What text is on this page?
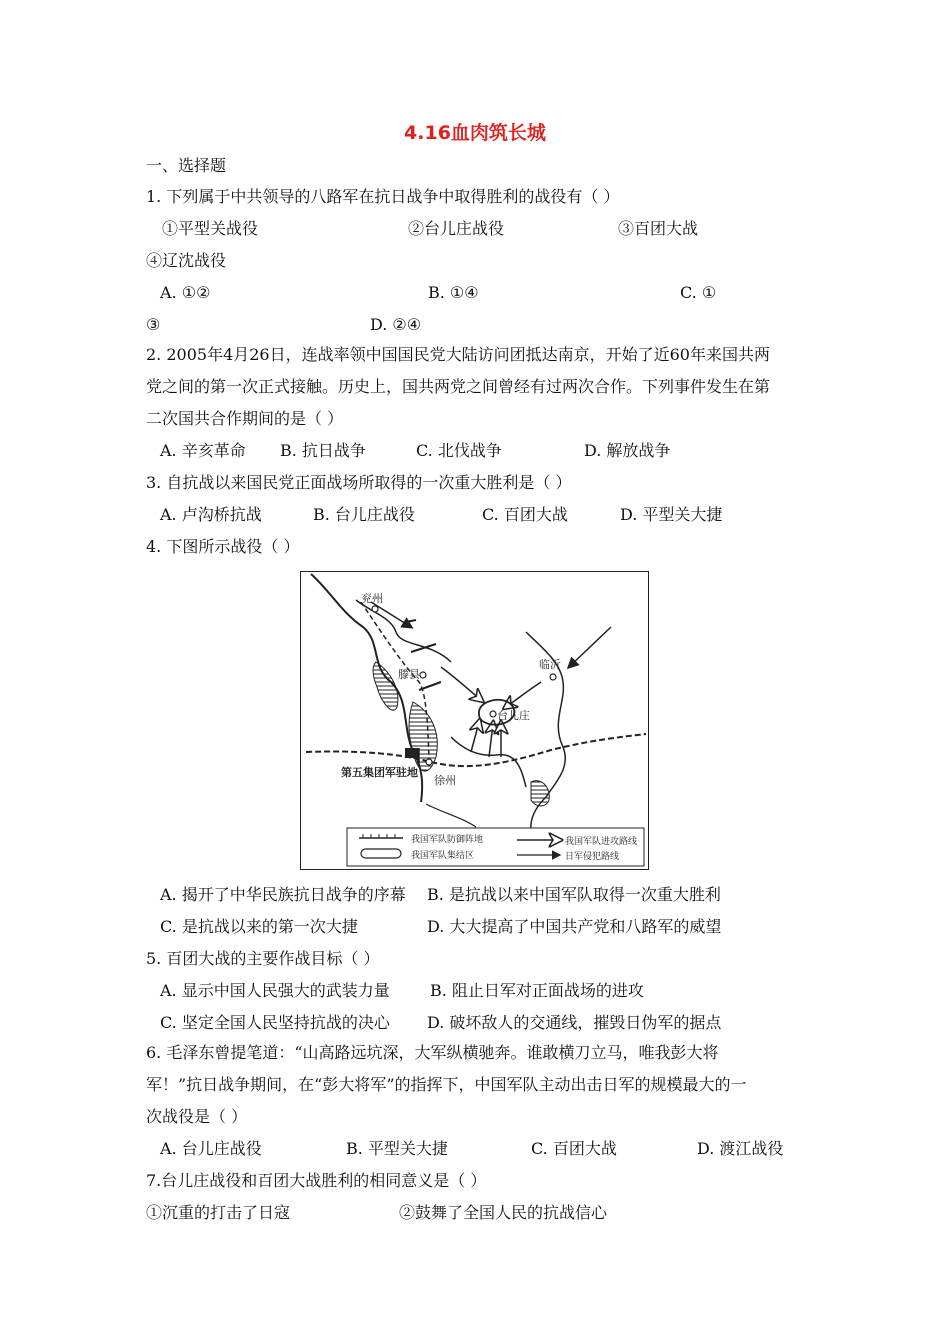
4.16血肉筑长城
一、选择题
1. 下列属于中共领导的八路军在抗日战争中取得胜利的战役有（ ）
①平型关战役	②台儿庄战役	③百团大战
④辽沈战役
A. ①②	B. ①④	C. ①
③	D. ②④
2. 2005年4月26日，连战率领中国国民党大陆访问团抵达南京，开始了近60年来国共两
党之间的第一次正式接触。历史上，国共两党之间曾经有过两次合作。下列事件发生在第
二次国共合作期间的是（ ）
A. 辛亥革命 B. 抗日战争	C. 北伐战争	D. 解放战争
3. 自抗战以来国民党正面战场所取得的一次重大胜利是（ ）
A. 卢沟桥抗战	B. 台儿庄战役	C. 百团大战	D. 平型关大捷
4. 下图所示战役（ ）
兖州
滕县
临沂
台儿庄
徐州
第五集团军驻地
我国军队防御阵地
我国军队集结区
我国军队进攻路线
日军侵犯路线
A. 揭开了中华民族抗日战争的序幕 B. 是抗战以来中国军队取得一次重大胜利
C. 是抗战以来的第一次大捷	D. 大大提高了中国共产党和八路军的威望
5. 百团大战的主要作战目标（ ）
A. 显示中国人民强大的武装力量	B. 阻止日军对正面战场的进攻
C. 坚定全国人民坚持抗战的决心 D. 破坏敌人的交通线，摧毁日伪军的据点
6. 毛泽东曾提笔道：“山高路远坑深，大军纵横驰奔。谁敢横刀立马，唯我彭大将
军！”抗日战争期间，在“彭大将军”的指挥下，中国军队主动出击日军的规模最大的一
次战役是（ ）
A. 台儿庄战役	B. 平型关大捷	C. 百团大战	D. 渡江战役
7.台儿庄战役和百团大战胜利的相同意义是（ ）
①沉重的打击了日寇	②鼓舞了全国人民的抗战信心
